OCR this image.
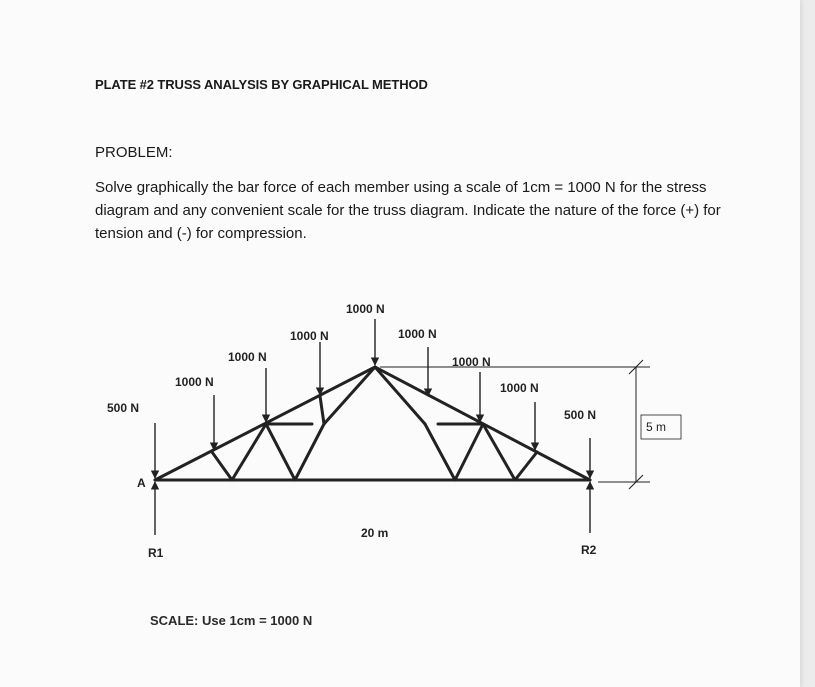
PLATE #2 TRUSS ANALYSIS BY GRAPHICAL METHOD
PROBLEM:
Solve graphically the bar force of each member using a scale of 1cm = 1000 N for the stress diagram and any convenient scale for the truss diagram. Indicate the nature of the force (+) for tension and (-) for compression.
1000 N
1000 N
1000 N
1000 N
500 N
1000 N
1000 N
1000 N
500 N
5 m
A
R1	R2
20 m
SCALE: Use 1cm = 1000 N
